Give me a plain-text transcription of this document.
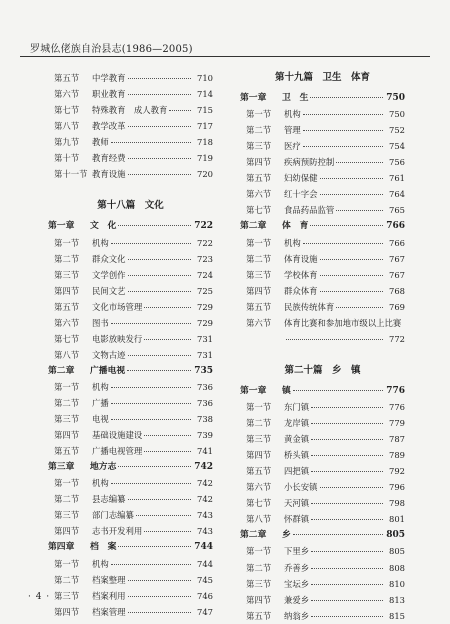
罗城仫佬族自治县志(1986—2005)
第五节	中学教育	710
第六节	职业教育	714
第七节	特殊教育　成人教育	715
第八节	教学改革	717
第九节	教师	718
第十节	教育经费	719
第十一节 教育设施	720
第十八篇　文化
第一章	文　化	722
第一节	机构	722
第二节	群众文化	723
第三节	文学创作	724
第四节	民间文艺	725
第五节	文化市场管理	729
第六节	图书	729
第七节	电影放映发行	731
第八节	文物古迹	731
第二章	广播电视	735
第一节	机构	736
第二节	广播	736
第三节	电视	738
第四节	基础设施建设	739
第五节	广播电视管理	741
第三章	地方志	742
第一节	机构	742
第二节	县志编纂	742
第三节	部门志编纂	743
第四节	志书开发利用	743
第四章	档　案	744
第一节	机构	744
第二节	档案整理	745
第三节	档案利用	746
第四节	档案管理	747
第十九篇　卫生　体育
第一章	卫　生	750
第一节	机构	750
第二节	管理	752
第三节	医疗	754
第四节	疾病预防控制	756
第五节	妇幼保健	761
第六节	红十字会	764
第七节	食品药品监管	765
第二章	体　育	766
第一节	机构	766
第二节	体育设施	767
第三节	学校体育	767
第四节	群众体育	768
第五节	民族传统体育	769
第六节	体育比赛和参加地市级以上比赛
772
第二十篇　乡　镇
第一章	镇	776
第一节	东门镇	776
第二节	龙岸镇	779
第三节	黄金镇	787
第四节	桥头镇	789
第五节	四把镇	792
第六节	小长安镇	796
第七节	天河镇	798
第八节	怀群镇	801
第二章	乡	805
第一节	下里乡	805
第二节	乔善乡	808
第三节	宝坛乡	810
第四节	兼爱乡	813
第五节	纳翁乡	815
· 4 ·
